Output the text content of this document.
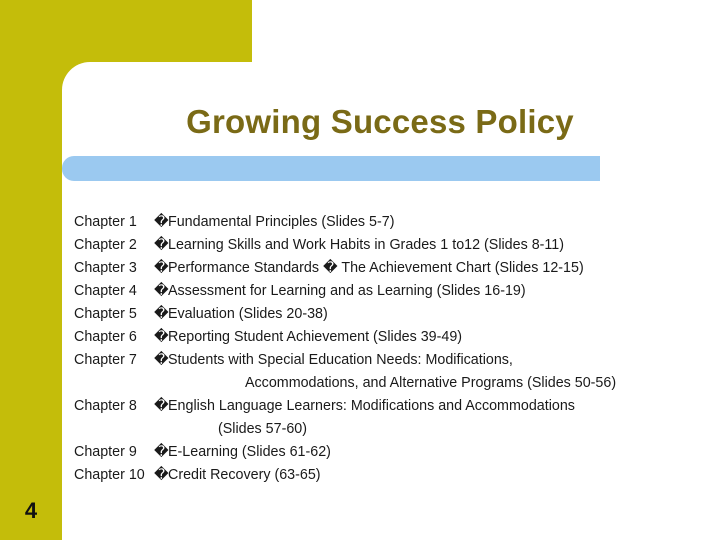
Growing Success Policy
Chapter 1 �Fundamental Principles (Slides 5-7)
Chapter 2 �Learning Skills and Work Habits in Grades 1 to12 (Slides 8-11)
Chapter 3 �Performance Standards � The Achievement Chart (Slides 12-15)
Chapter 4 �Assessment for Learning and as Learning (Slides 16-19)
Chapter 5 �Evaluation (Slides 20-38)
Chapter 6 �Reporting Student Achievement (Slides 39-49)
Chapter 7 �Students with Special Education Needs: Modifications,
Accommodations, and Alternative Programs (Slides 50-56)
Chapter 8 �English Language Learners: Modifications and Accommodations
(Slides 57-60)
Chapter 9 �E-Learning (Slides 61-62)
Chapter 10 �Credit Recovery (63-65)
4
